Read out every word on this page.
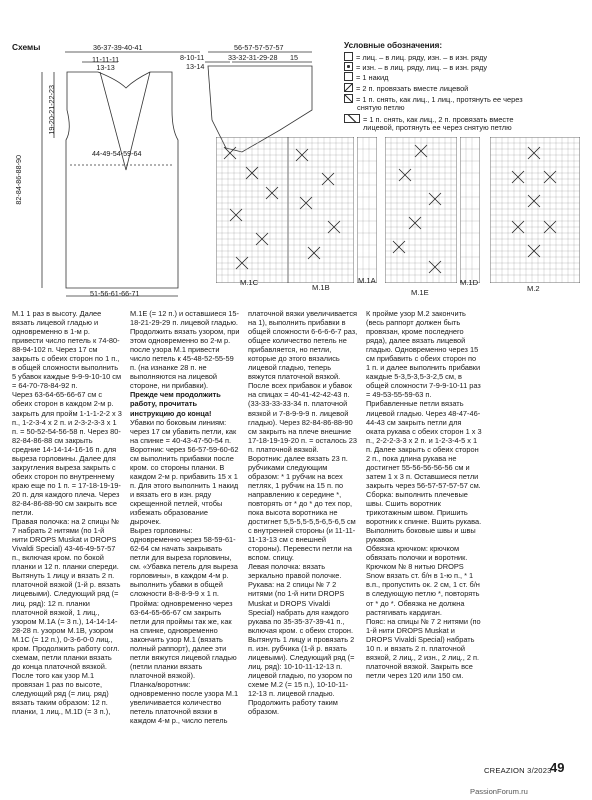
Схемы	36-37-39-40-41
11-11-11
13-13
8-10-11
13-14
56-57-57-57-57
33-32-31-29-28 15
19-20-21-22-23
82-84-86-88-90
44-49-54-59-64
51-56-61-66-71
Условные обозначения:
= лиц. – в лиц. ряду, изн. – в изн. ряду
= изн. – в лиц. ряду, лиц. – в изн. ряду
= 1 накид
= 2 п. провязать вместе лицевой
= 1 п. снять, как лиц., 1 лиц., протянуть ее через
снятую петлю
= 1 п. снять, как лиц., 2 п. провязать вместе
лицевой, протянуть ее через снятую петлю
M.1C
M.1B
M.1A
M.1E
M.1D
M.2

М.1 1 раз в высоту. Далее вязать лицевой гладью и одновременно в 1-м р. привести число петель к 74-80-88-94-102 п. Через 17 см закрыть с обеих сторон по 1 п., в общей сложности выполнить 5 убавок каждые 9-9-9-10-10 см = 64-70-78-84-92 п.

Через 63-64-65-66-67 см с обеих сторон в каждом 2-м р. закрыть для пройм 1-1-1-2-2 х 3 п., 1-2-3-4 х 2 п. и 2-3-2-3-3 х 1 п. = 50-52-54-56-58 п. Через 80-82-84-86-88 см закрыть средние 14-14-14-16-16 п. для выреза горловины. Далее для закругления выреза закрыть с обеих сторон по внутреннему краю еще по 1 п. = 17-18-19-19-20 п. для каждого плеча. Через 82-84-86-88-90 см закрыть все петли.

Правая полочка: на 2 спицы № 7 набрать 2 нитями (по 1-й нити DROPS Muskat и DROPS Vivaldi Special) 43-46-49-57-57 п., включая кром. по бокой планки и 12 п. планки спереди. Вытянуть 1 лицу и вязать 2 п. платочной вязкой (1-й р. вязать лицевыми). Следующий ряд (= лиц. ряд): 12 п. планки платочной вязкой, 1 лиц., узором М.1А (= 3 п.), 14-14-14-28-28 п. узором М.1В, узором М.1С (= 12 п.), 0-3-6-0-0 лиц., кром. Продолжить работу согл. схемам, петли планки вязать до конца платочной вязкой. После того как узор М.1 провязан 1 раз по высоте, следующий ряд (= лиц. ряд) вязать таким образом: 12 п. планки, 1 лиц., М.1D (= 3 п.),

М.1Е (= 12 п.) и оставшиеся 15-18-21-29-29 п. лицевой гладью. Продолжить вязать узором, при этом одновременно во 2-м р. после узора М.1 привести число петель к 45-48-52-55-59 п. (на изнанке 28 п. не выполняются на лицевой стороне, ни прибавки).

Прежде чем продолжить работу, прочитать инструкцию до конца!

Убавки по боковым линиям: через 17 см убавить петли, как на спинке = 40-43-47-50-54 п.

Воротник: через 56-57-59-60-62 см выполнить прибавки после кром. со стороны планки. В каждом 2-м р. прибавить 15 х 1 п. Для этого выполнить 1 накид и вязать его в изн. ряду скрещенной петлей, чтобы избежать образование дырочек.

Вырез горловины: одновременно через 58-59-61-62-64 см начать закрывать петли для выреза горловины, см. «Убавка петель для выреза горловины», в каждом 4-м р. выполнить убавки в общей сложности 8-8-8-9-9 х 1 п.

Пройма: одновременно через 63-64-65-66-67 см закрыть петли для проймы так же, как на спинке, одновременно закончить узор М.1 (вязать полный раппорт), далее эти петли вяжутся лицевой гладью (петли планки вязать платочной вязкой).

Планка/воротник: одновременно после узора М.1 увеличивается количество петель платочной вязки в каждом 4-м р., число петель

платочной вязки увеличивается на 1), выполнить прибавки в общей сложности 6-6-6-6-7 раз, общее количество петель не прибавляется, но петли, которые до этого вязались лицевой гладью, теперь вяжутся платочной вязкой.

После всех прибавок и убавок на спицах = 40-41-42-42-43 п. (33-33-33-33-34 п. платочной вязкой и 7-8-9-9-9 п. лицевой гладью). Через 82-84-86-88-90 см закрыть на плече внешние 17-18-19-19-20 п. = осталось 23 п. платочной вязкой.

Воротник: далее вязать 23 п. рубчиками следующим образом: * 1 рубчик на всех петлях, 1 рубчик на 15 п. по направлению к середине *, повторять от * до * до тех пор, пока высота воротника не достигнет 5,5-5,5-5,5-6,5-6,5 см с внутренней стороны (и 11-11-11-13-13 см с внешней стороны). Перевести петли на вспом. спицу.

Левая полочка: вязать зеркально правой полочке.

Рукава: на 2 спицы № 7 2 нитями (по 1-й нити DROPS Muskat и DROPS Vivaldi Special) набрать для каждого рукава по 35-35-37-39-41 п., включая кром. с обеих сторон. Вытянуть 1 лицу и провязать 2 п. изн. рубчика (1-й р. вязать лицевыми). Следующий ряд (= лиц. ряд): 10-10-11-12-13 п. лицевой гладью, по узором по схеме М.2 (= 15 п.), 10-10-11-12-13 п. лицевой гладью. Продолжить работу таким образом.

К пройме узор М.2 закончить (весь раппорт должен быть провязан, кроме последнего ряда), далее вязать лицевой гладью. Одновременно через 15 см прибавить с обеих сторон по 1 п. и далее выполнить прибавки каждые 5-3,5-3,5-3-2,5 см, в общей сложности 7-9-9-10-11 раз = 49-53-55-59-63 п. Прибавленные петли вязать лицевой гладью. Через 48-47-46-44-43 см закрыть петли для оката рукава с обеих сторон 1 х 3 п., 2-2-2-3-3 х 2 п. и 1-2-3-4-5 х 1 п. Далее закрыть с обеих сторон 2 п., пока длина рукава не достигнет 55-56-56-56-56 см и затем 1 х 3 п. Оставшиеся петли закрыть через 56-57-57-57-57 см.

Сборка: выполнить плечевые швы. Сшить воротник трикотажным швом. Пришить воротник к спинке. Вшить рукава. Выполнить боковые швы и швы рукавов.

Обвязка крючком: крючком обвязать полочки и воротник.

Крючком № 8 нитью DROPS Snow вязать ст. б/н в 1-ю п., * 1 в.п., пропустить ок. 2 см, 1 ст. б/н в следующую петлю *, повторять от * до *. Обвязка не должна растягивать кардиган.

Пояс: на спицы № 7 2 нитями (по 1-й нити DROPS Muskat и DROPS Vivaldi Special) набрать 10 п. и вязать 2 п. платочной вязкой, 2 лиц., 2 изн., 2 лиц., 2 п. платочной вязкой. Закрыть все петли через 120 или 150 см.

CREAZION 3/2023
49
PassionForum.ru
